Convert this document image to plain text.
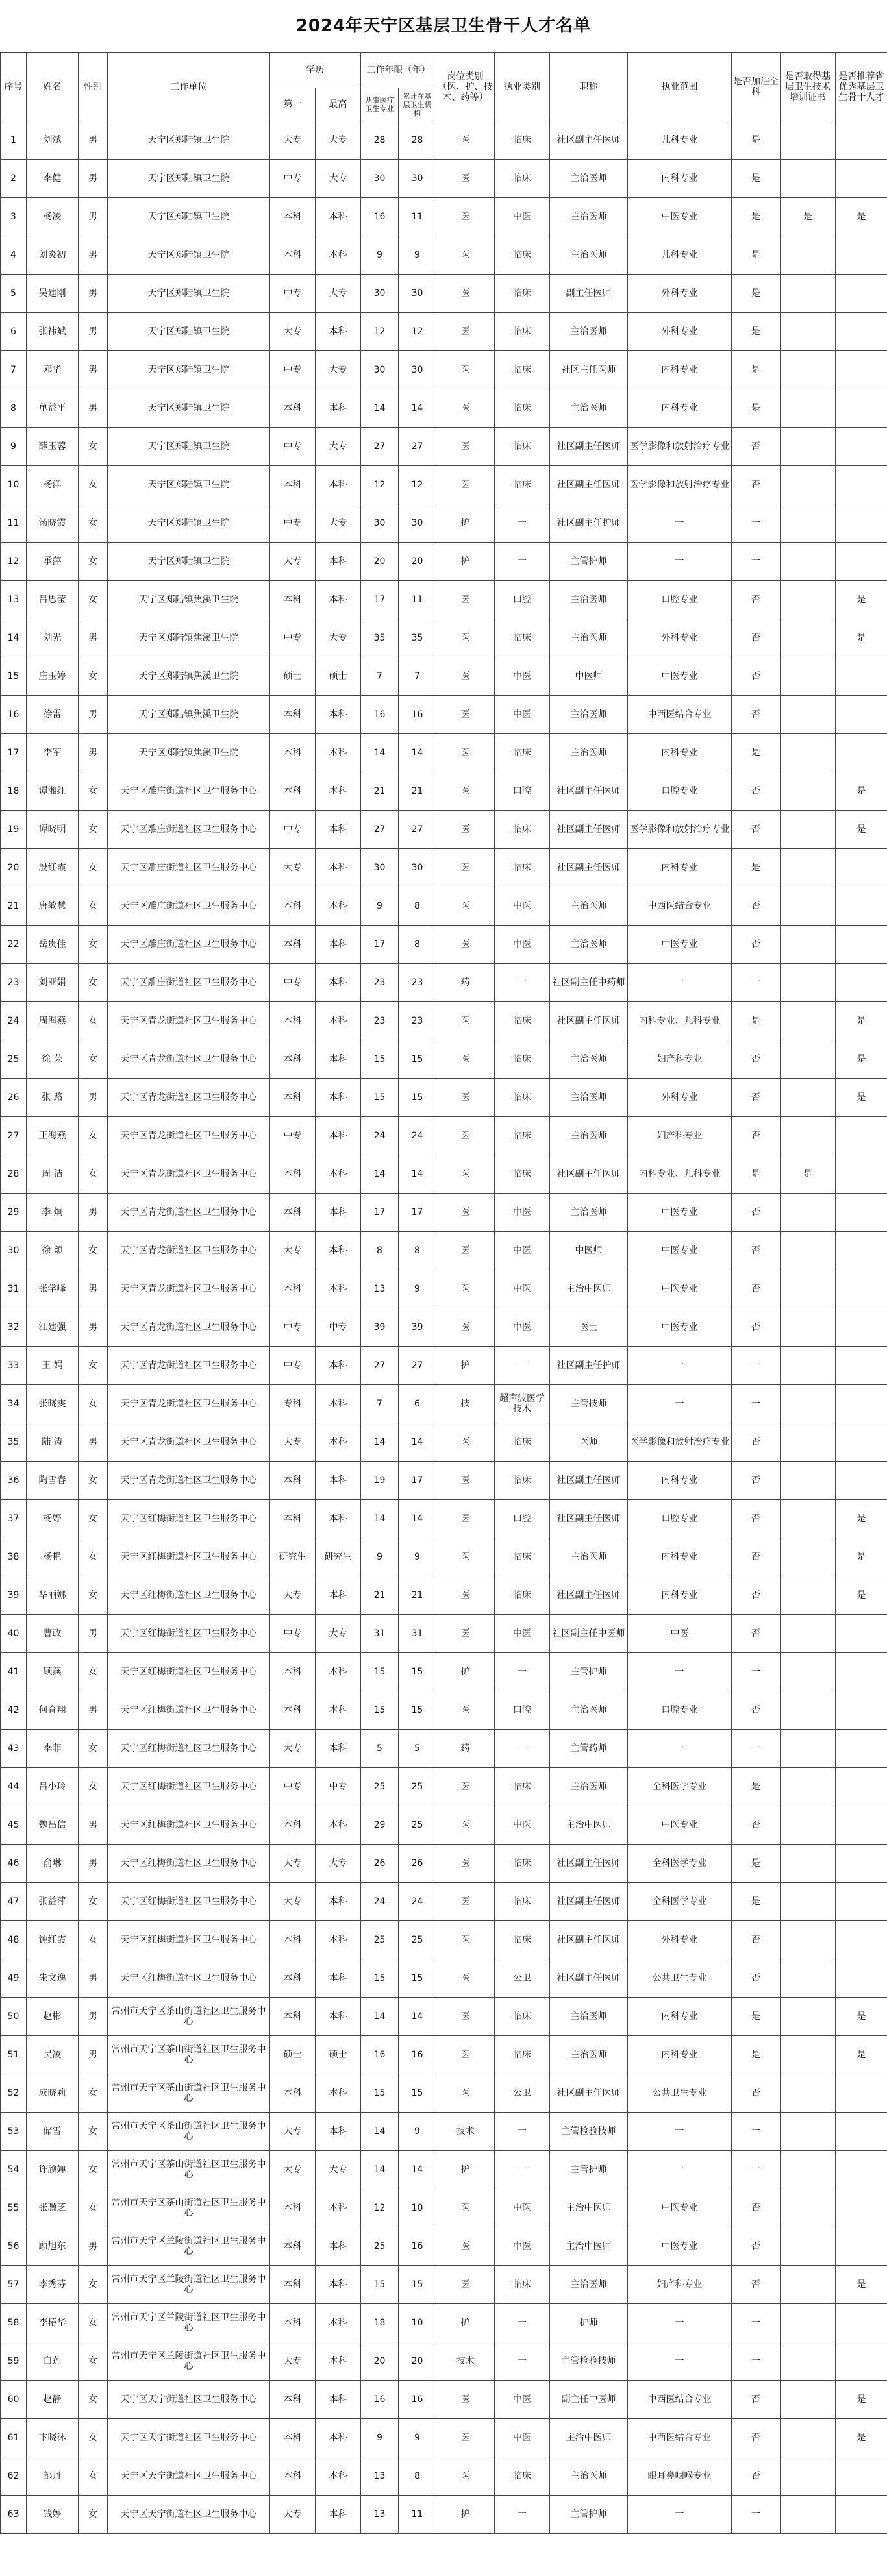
2024年天宁区基层卫生骨干人才名单
序号	姓名	性别	工作单位	学历		工作年限（年）		岗位类别（医、护、技术、药等）	执业类别	职称	执业范围	是否加注全科	是否取得基层卫生技术培训证书	是否推荐省优秀基层卫生骨干人才
				第一	最高	从事医疗卫生专业	累计在基层卫生机构							
1	刘斌	男	天宁区郑陆镇卫生院	大专	大专	28	28	医	临床	社区副主任医师	儿科专业	是		
2	李健	男	天宁区郑陆镇卫生院	中专	大专	30	30	医	临床	主治医师	内科专业	是		
3	杨凌	男	天宁区郑陆镇卫生院	本科	本科	16	11	医	中医	主治医师	中医专业	是	是	是
4	刘炎初	男	天宁区郑陆镇卫生院	本科	本科	9	9	医	临床	主治医师	儿科专业	是		
5	吴建刚	男	天宁区郑陆镇卫生院	中专	大专	30	30	医	临床	副主任医师	外科专业	是		
6	张祎斌	男	天宁区郑陆镇卫生院	大专	本科	12	12	医	临床	主治医师	外科专业	是		
7	邓华	男	天宁区郑陆镇卫生院	中专	大专	30	30	医	临床	社区主任医师	内科专业	是		
8	单益平	男	天宁区郑陆镇卫生院	本科	本科	14	14	医	临床	主治医师	内科专业	是		
9	薛玉蓉	女	天宁区郑陆镇卫生院	中专	大专	27	27	医	临床	社区副主任医师	医学影像和放射治疗专业	否		
10	杨洋	女	天宁区郑陆镇卫生院	本科	本科	12	12	医	临床	社区副主任医师	医学影像和放射治疗专业	否		
11	汤晓霞	女	天宁区郑陆镇卫生院	中专	大专	30	30	护	一	社区副主任护师	一	一		
12	承萍	女	天宁区郑陆镇卫生院	大专	本科	20	20	护	一	主管护师	一	一		
13	吕思莹	女	天宁区郑陆镇焦溪卫生院	本科	本科	17	11	医	口腔	主治医师	口腔专业	否		是
14	刘光	男	天宁区郑陆镇焦溪卫生院	中专	大专	35	35	医	临床	主治医师	外科专业	否		是
15	庄玉婷	女	天宁区郑陆镇焦溪卫生院	硕士	硕士	7	7	医	中医	中医师	中医专业	否		
16	徐雷	男	天宁区郑陆镇焦溪卫生院	本科	本科	16	16	医	中医	主治医师	中西医结合专业	否		
17	李军	男	天宁区郑陆镇焦溪卫生院	本科	本科	14	14	医	临床	主治医师	内科专业	是		
18	谭湘红	女	天宁区雕庄街道社区卫生服务中心	本科	本科	21	21	医	口腔	社区副主任医师	口腔专业	否		是
19	谭晓明	女	天宁区雕庄街道社区卫生服务中心	中专	本科	27	27	医	临床	社区副主任医师	医学影像和放射治疗专业	否		是
20	殷红霞	女	天宁区雕庄街道社区卫生服务中心	大专	本科	30	30	医	临床	社区副主任医师	内科专业	是		
21	唐敏慧	女	天宁区雕庄街道社区卫生服务中心	本科	本科	9	8	医	中医	主治医师	中西医结合专业	否		
22	岳贵佳	女	天宁区雕庄街道社区卫生服务中心	本科	本科	17	8	医	中医	主治医师	中医专业	否		
23	刘亚娟	女	天宁区雕庄街道社区卫生服务中心	中专	本科	23	23	药	一	社区副主任中药师	一	一		
24	周海燕	女	天宁区青龙街道社区卫生服务中心	本科	本科	23	23	医	临床	社区副主任医师	内科专业、儿科专业	是		是
25	徐 荣	女	天宁区青龙街道社区卫生服务中心	本科	本科	15	15	医	临床	主治医师	妇产科专业	否		是
26	张 路	男	天宁区青龙街道社区卫生服务中心	本科	本科	15	15	医	临床	主治医师	外科专业	否		是
27	王海燕	女	天宁区青龙街道社区卫生服务中心	中专	本科	24	24	医	临床	主治医师	妇产科专业	否		
28	周 洁	女	天宁区青龙街道社区卫生服务中心	本科	本科	14	14	医	临床	社区副主任医师	内科专业、儿科专业	是	是	
29	李 炯	男	天宁区青龙街道社区卫生服务中心	本科	本科	17	17	医	中医	主治医师	中医专业	否		
30	徐 颖	女	天宁区青龙街道社区卫生服务中心	大专	本科	8	8	医	中医	中医师	中医专业	否		
31	张学峰	男	天宁区青龙街道社区卫生服务中心	本科	本科	13	9	医	中医	主治中医师	中医专业	否		
32	江建强	男	天宁区青龙街道社区卫生服务中心	中专	中专	39	39	医	中医	医士	中医专业	否		
33	王 娟	女	天宁区青龙街道社区卫生服务中心	中专	本科	27	27	护	一	社区副主任护师	一	一		
34	张晓雯	女	天宁区青龙街道社区卫生服务中心	专科	本科	7	6	技	超声波医学技术	主管技师	一	一		
35	陆 涛	男	天宁区青龙街道社区卫生服务中心	大专	本科	14	14	医	临床	医师	医学影像和放射治疗专业	否		
36	陶雪春	女	天宁区青龙街道社区卫生服务中心	本科	本科	19	17	医	临床	社区副主任医师	内科专业	否		
37	杨婷	女	天宁区红梅街道社区卫生服务中心	本科	本科	14	14	医	口腔	社区副主任医师	口腔专业	否		是
38	杨艳	女	天宁区红梅街道社区卫生服务中心	研究生	研究生	9	9	医	临床	主治医师	内科专业	否		是
39	华丽娜	女	天宁区红梅街道社区卫生服务中心	大专	本科	21	21	医	临床	社区副主任医师	内科专业	否		是
40	曹政	男	天宁区红梅街道社区卫生服务中心	中专	大专	31	31	医	中医	社区副主任中医师	中医	否		
41	顾燕	女	天宁区红梅街道社区卫生服务中心	本科	本科	15	15	护	一	主管护师	一	一		
42	何育翔	男	天宁区红梅街道社区卫生服务中心	本科	本科	15	15	医	口腔	主治医师	口腔专业	否		
43	李菲	女	天宁区红梅街道社区卫生服务中心	大专	本科	5	5	药	一	主管药师	一	一		
44	吕小玲	女	天宁区红梅街道社区卫生服务中心	中专	中专	25	25	医	临床	主治医师	全科医学专业	是		
45	魏昌信	男	天宁区红梅街道社区卫生服务中心	本科	本科	29	25	医	中医	主治中医师	中医专业	否		
46	俞琳	男	天宁区红梅街道社区卫生服务中心	大专	大专	26	26	医	临床	社区副主任医师	全科医学专业	是		
47	张益萍	女	天宁区红梅街道社区卫生服务中心	大专	本科	24	24	医	临床	社区副主任医师	全科医学专业	是		
48	钟红霞	女	天宁区红梅街道社区卫生服务中心	本科	本科	25	25	医	临床	社区副主任医师	外科专业	否		
49	朱文逸	男	天宁区红梅街道社区卫生服务中心	本科	本科	15	15	医	公卫	社区副主任医师	公共卫生专业	否		
50	赵彬	男	常州市天宁区茶山街道社区卫生服务中心	本科	本科	14	14	医	临床	主治医师	内科专业	是		是
51	吴凌	男	常州市天宁区茶山街道社区卫生服务中心	硕士	硕士	16	16	医	临床	主治医师	内科专业	是		是
52	成晓莉	女	常州市天宁区茶山街道社区卫生服务中心	本科	本科	15	15	医	公卫	社区副主任医师	公共卫生专业	否		
53	储雪	女	常州市天宁区茶山街道社区卫生服务中心	大专	本科	14	9	技术	一	主管检验技师	一	一		
54	许颀婵	女	常州市天宁区茶山街道社区卫生服务中心	大专	大专	14	14	护	一	主管护师	一	一		
55	张骥芝	女	常州市天宁区茶山街道社区卫生服务中心	本科	本科	12	10	医	中医	主治中医师	中医专业	否		
56	顾旭东	男	常州市天宁区兰陵街道社区卫生服务中心	本科	本科	25	16	医	中医	主治中医师	中医专业	否		
57	李秀芬	女	常州市天宁区兰陵街道社区卫生服务中心	本科	本科	15	15	医	临床	主治医师	妇产科专业	否		是
58	李椿华	女	常州市天宁区兰陵街道社区卫生服务中心	本科	本科	18	10	护	一	护师	一	一		
59	白莲	女	常州市天宁区兰陵街道社区卫生服务中心	大专	本科	20	20	技术	一	主管检验技师	一	一		
60	赵静	女	天宁区天宁街道社区卫生服务中心	本科	本科	16	16	医	中医	副主任中医师	中西医结合专业	否		是
61	卞晓沐	女	天宁区天宁街道社区卫生服务中心	本科	本科	9	9	医	中医	主治中医师	中西医结合专业	否		是
62	邹丹	女	天宁区天宁街道社区卫生服务中心	本科	本科	13	8	医	临床	主治医师	眼耳鼻咽喉专业	否		
63	钱婷	女	天宁区天宁街道社区卫生服务中心	大专	本科	13	11	护	一	主管护师	一	一		
